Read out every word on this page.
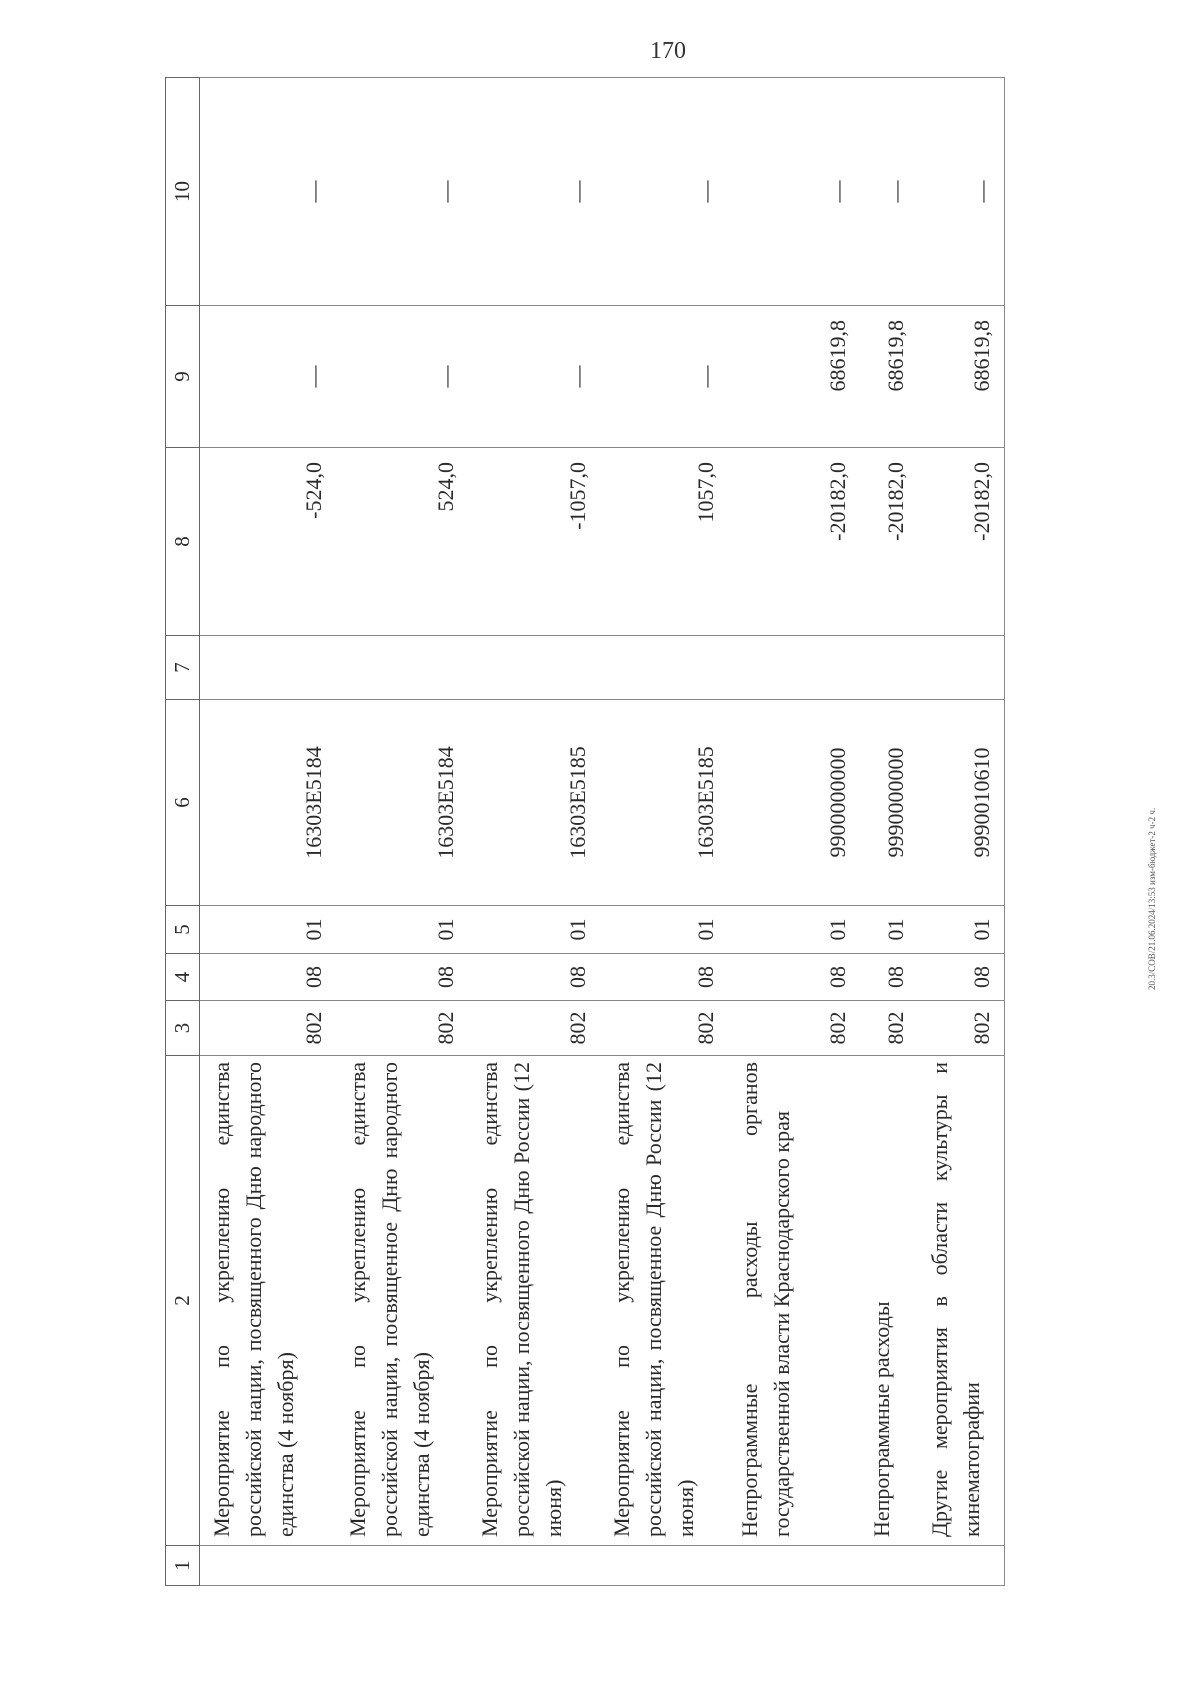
170
20.3/СОВ/21.06.2024/13:53 изм-бюджет-2 ч-2 ч.
1	2	3	4	5	6	7	8	9	10
	Мероприятие по укреплению единства российской нации, посвященного Дню народного единства (4 ноября)	802	08	01	16303Е5184		-524,0	—	—
	Мероприятие по укреплению единства российской нации, посвященное Дню народного единства (4 ноября)	802	08	01	16303Е5184		524,0	—	—
	Мероприятие по укреплению единства российской нации, посвященного Дню России (12 июня)	802	08	01	16303Е5185		-1057,0	—	—
	Мероприятие по укреплению единства российской нации, посвященное Дню России (12 июня)	802	08	01	16303Е5185		1057,0	—	—
	Непрограммные расходы органов государственной власти Краснодарского края	802	08	01	9900000000		-20182,0	68619,8	—
	Непрограммные расходы	802	08	01	9990000000		-20182,0	68619,8	—
	Другие мероприятия в области культуры и кинематографии	802	08	01	9990010610		-20182,0	68619,8	—
